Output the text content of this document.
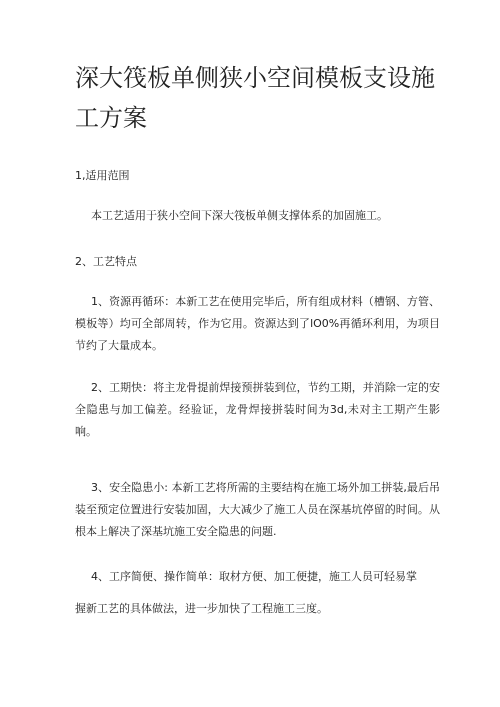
深大筏板单侧狭小空间模板支设施工方案

1,适用范围

本工艺适用于狭小空间下深大筏板单侧支撑体系的加固施工。

2、工艺特点

1、资源再循环：本新工艺在使用完毕后，所有组成材料（槽钢、方管、模板等）均可全部周转，作为它用。资源达到了lO0%再循环利用，为项目节约了大量成本。

2、工期快：将主龙骨提前焊接预拼装到位，节约工期，并消除一定的安全隐患与加工偏差。经验证，龙骨焊接拼装时间为3d,未对主工期产生影响。

3、安全隐患小: 本新工艺将所需的主要结构在施工场外加工拼装,最后吊装至预定位置进行安装加固，大大减少了施工人员在深基坑停留的时间。从根本上解决了深基坑施工安全隐患的问题.

4、工序简便、操作简单：取材方便、加工便捷，施工人员可轻易掌

握新工艺的具体做法，进一步加快了工程施工三度。
